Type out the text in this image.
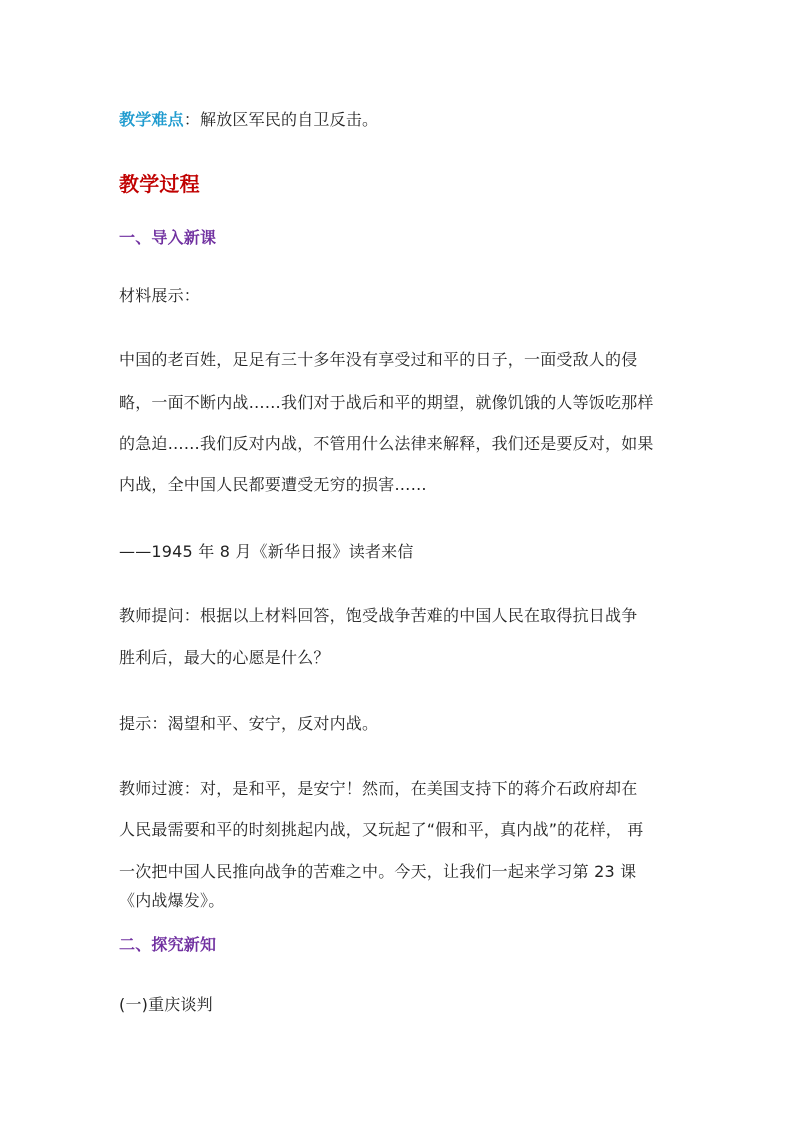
教学难点：解放区军民的自卫反击。
教学过程
一、导入新课
材料展示：
中国的老百姓，足足有三十多年没有享受过和平的日子，一面受敌人的侵
略，一面不断内战……我们对于战后和平的期望，就像饥饿的人等饭吃那样
的急迫……我们反对内战，不管用什么法律来解释，我们还是要反对，如果
内战，全中国人民都要遭受无穷的损害……
——1945 年 8 月《新华日报》读者来信
教师提问：根据以上材料回答，饱受战争苦难的中国人民在取得抗日战争
胜利后，最大的心愿是什么？
提示：渴望和平、安宁，反对内战。
教师过渡：对，是和平，是安宁！然而，在美国支持下的蒋介石政府却在
人民最需要和平的时刻挑起内战，又玩起了“假和平，真内战”的花样， 再
一次把中国人民推向战争的苦难之中。今天，让我们一起来学习第 23 课
《内战爆发》。
二、探究新知
(一)重庆谈判
